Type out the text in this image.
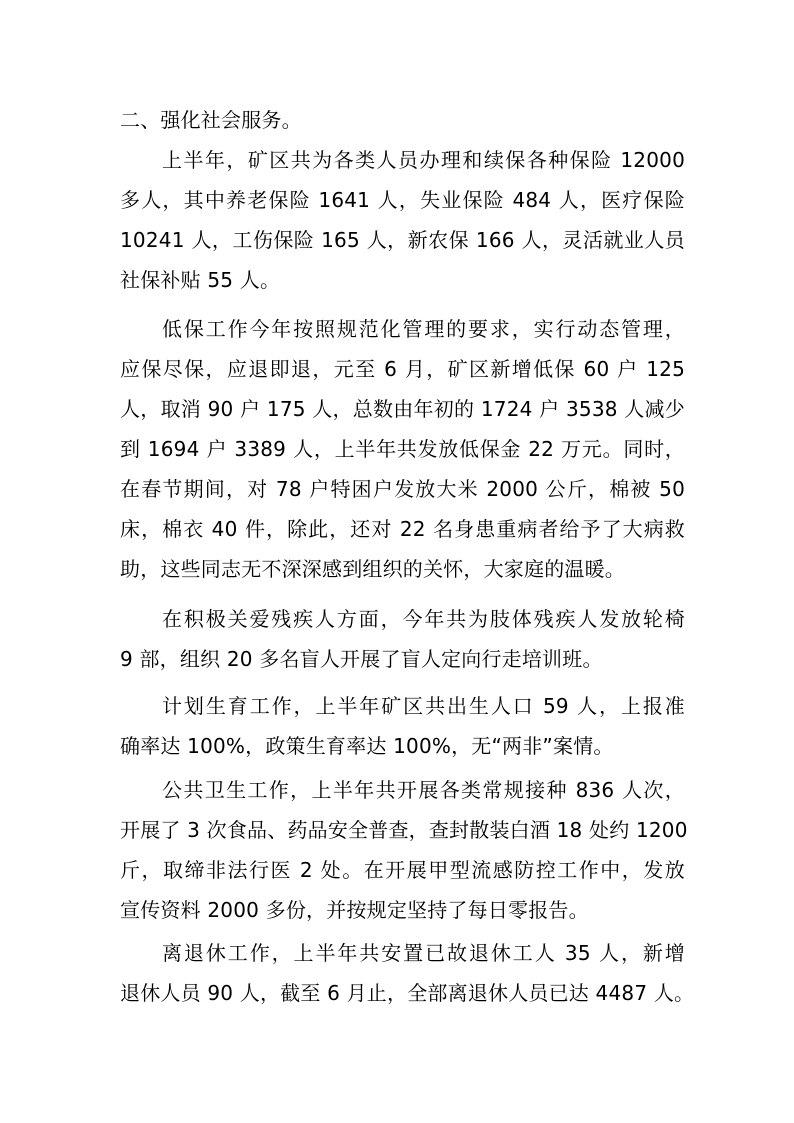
二、强化社会服务。
上半年，矿区共为各类人员办理和续保各种保险 12000
多人，其中养老保险 1641 人，失业保险 484 人，医疗保险
10241 人，工伤保险 165 人，新农保 166 人，灵活就业人员
社保补贴 55 人。
低保工作今年按照规范化管理的要求，实行动态管理，
应保尽保，应退即退，元至 6 月，矿区新增低保 60 户 125
人，取消 90 户 175 人，总数由年初的 1724 户 3538 人减少
到 1694 户 3389 人，上半年共发放低保金 22 万元。同时，
在春节期间，对 78 户特困户发放大米 2000 公斤，棉被 50
床，棉衣 40 件，除此，还对 22 名身患重病者给予了大病救
助，这些同志无不深深感到组织的关怀，大家庭的温暖。
在积极关爱残疾人方面，今年共为肢体残疾人发放轮椅
9 部，组织 20 多名盲人开展了盲人定向行走培训班。
计划生育工作，上半年矿区共出生人口 59 人，上报准
确率达 100%，政策生育率达 100%，无“两非”案情。
公共卫生工作，上半年共开展各类常规接种 836 人次，
开展了 3 次食品、药品安全普查，查封散装白酒 18 处约 1200
斤，取缔非法行医 2 处。在开展甲型流感防控工作中，发放
宣传资料 2000 多份，并按规定坚持了每日零报告。
离退休工作，上半年共安置已故退休工人 35 人，新增
退休人员 90 人，截至 6 月止，全部离退休人员已达 4487 人。
